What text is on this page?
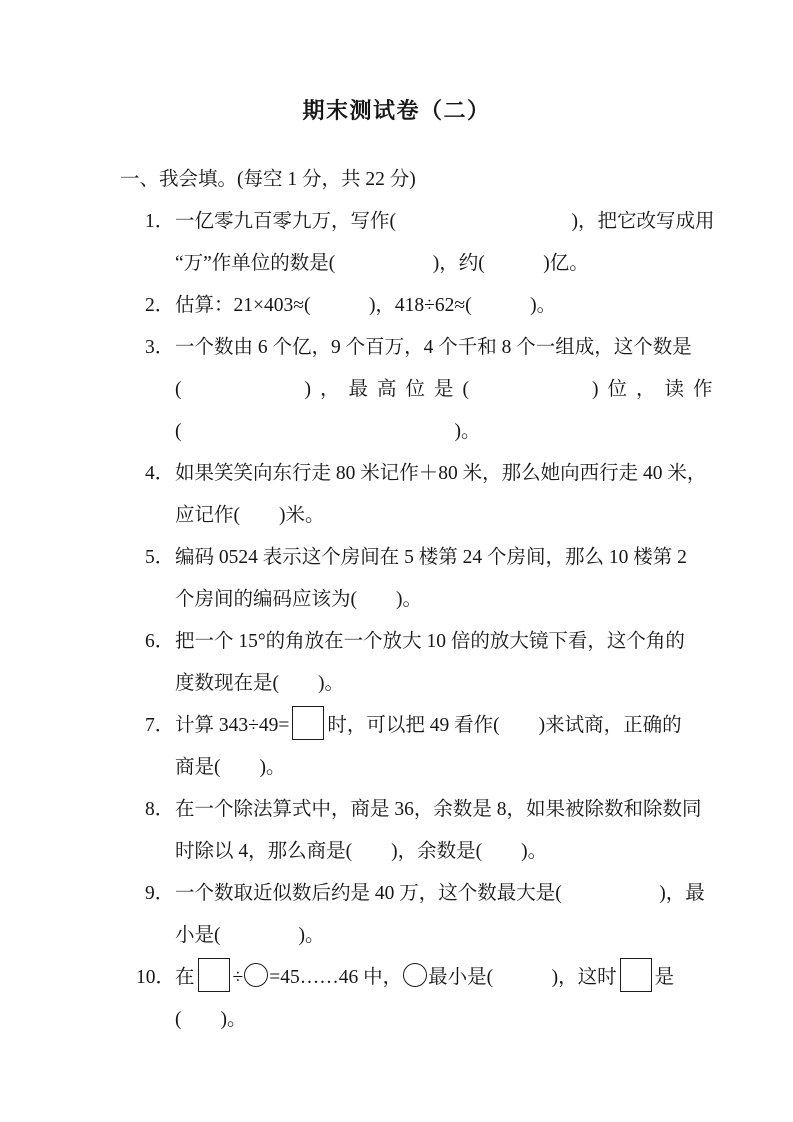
期末测试卷（二）
一、我会填。(每空 1 分，共 22 分)
1． 一亿零九百零九万，写作(　　　　　　　　　)，把它改写成用
“万”作单位的数是(　　　　　)，约(　　　)亿。
2． 估算：21×403≈(　　　)，418÷62≈(　　　)。
3． 一个数由 6 个亿，9 个百万，4 个千和 8 个一组成，这个数是
(　　　　)，最高位是(　　　　)位，读作
(　　　　　　　　　　　　　　)。
4． 如果笑笑向东行走 80 米记作＋80 米，那么她向西行走 40 米，
应记作(　　)米。
5． 编码 0524 表示这个房间在 5 楼第 24 个房间，那么 10 楼第 2
个房间的编码应该为(　　)。
6． 把一个 15°的角放在一个放大 10 倍的放大镜下看，这个角的
度数现在是(　　)。
7． 计算 343÷49= 时，可以把 49 看作(　　)来试商，正确的
商是(　　)。
8． 在一个除法算式中，商是 36，余数是 8，如果被除数和除数同
时除以 4，那么商是(　　)，余数是(　　)。
9． 一个数取近似数后约是 40 万，这个数最大是(　　　　　)，最
小是(　　　　)。
10． 在 ÷ =45……46 中， 最小是(　　　)，这时 是
(　　)。
